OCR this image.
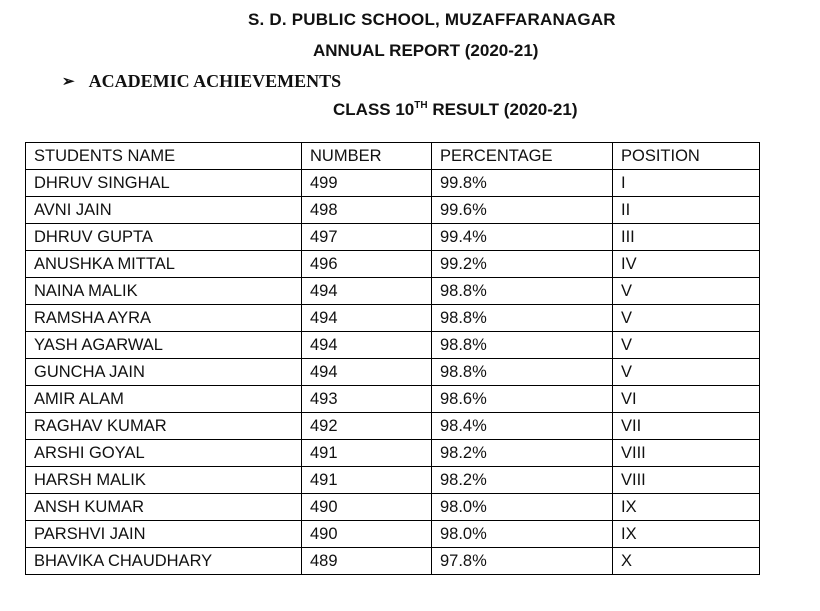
S. D. PUBLIC SCHOOL, MUZAFFARANAGAR
ANNUAL REPORT (2020-21)
➢ ACADEMIC ACHIEVEMENTS
CLASS 10TH RESULT (2020-21)
STUDENTS NAME	NUMBER	PERCENTAGE	POSITION
DHRUV SINGHAL	499	99.8%	I
AVNI JAIN	498	99.6%	II
DHRUV GUPTA	497	99.4%	III
ANUSHKA MITTAL	496	99.2%	IV
NAINA MALIK	494	98.8%	V
RAMSHA AYRA	494	98.8%	V
YASH AGARWAL	494	98.8%	V
GUNCHA JAIN	494	98.8%	V
AMIR ALAM	493	98.6%	VI
RAGHAV KUMAR	492	98.4%	VII
ARSHI GOYAL	491	98.2%	VIII
HARSH MALIK	491	98.2%	VIII
ANSH KUMAR	490	98.0%	IX
PARSHVI JAIN	490	98.0%	IX
BHAVIKA CHAUDHARY	489	97.8%	X
